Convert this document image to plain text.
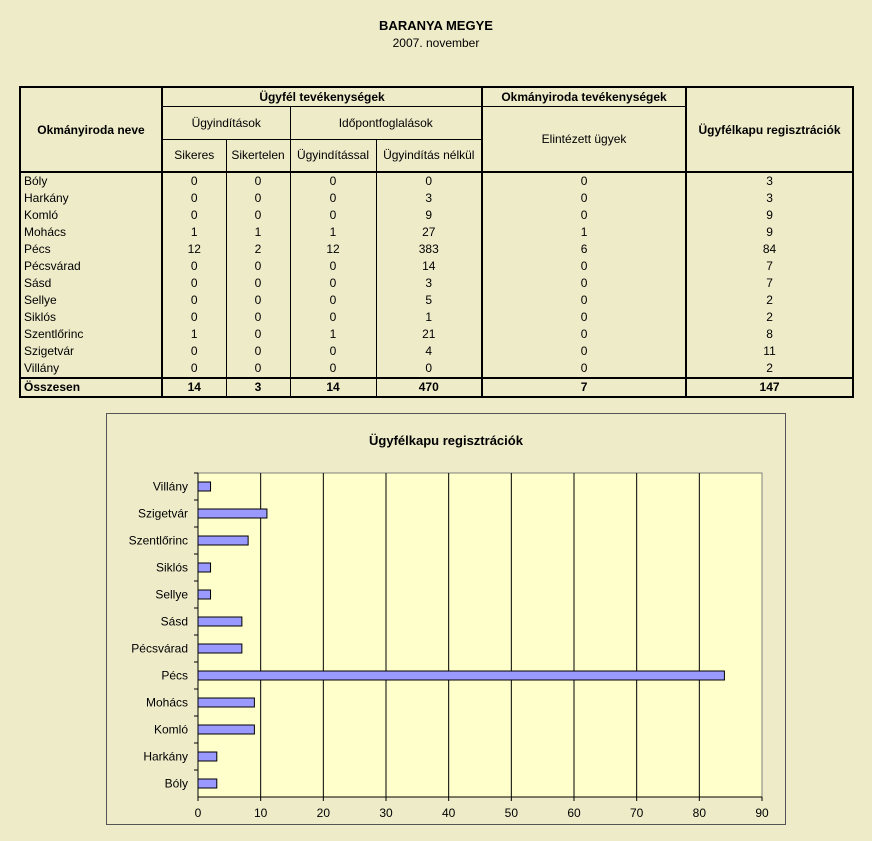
BARANYA MEGYE
2007. november
Okmányiroda neve	Ügyfél tevékenységek				Okmányiroda tevékenységek	Ügyfélkapu regisztrációk
	Ügyindítások		Időpontfoglalások		Elintézett ügyek	
	Sikeres	Sikertelen	Ügyindítással	Ügyindítás nélkül		
Bóly	0	0	0	0	0	3
Harkány	0	0	0	3	0	3
Komló	0	0	0	9	0	9
Mohács	1	1	1	27	1	9
Pécs	12	2	12	383	6	84
Pécsvárad	0	0	0	14	0	7
Sásd	0	0	0	3	0	7
Sellye	0	0	0	5	0	2
Siklós	0	0	0	1	0	2
Szentlőrinc	1	0	1	21	0	8
Szigetvár	0	0	0	4	0	11
Villány	0	0	0	0	0	2
Összesen	14	3	14	470	7	147
Ügyfélkapu regisztrációk
0	10	20	30	40	50	60	70	80	90
Villány
Szigetvár
Szentlőrinc
Siklós
Sellye
Sásd
Pécsvárad
Pécs
Mohács
Komló
Harkány
Bóly
